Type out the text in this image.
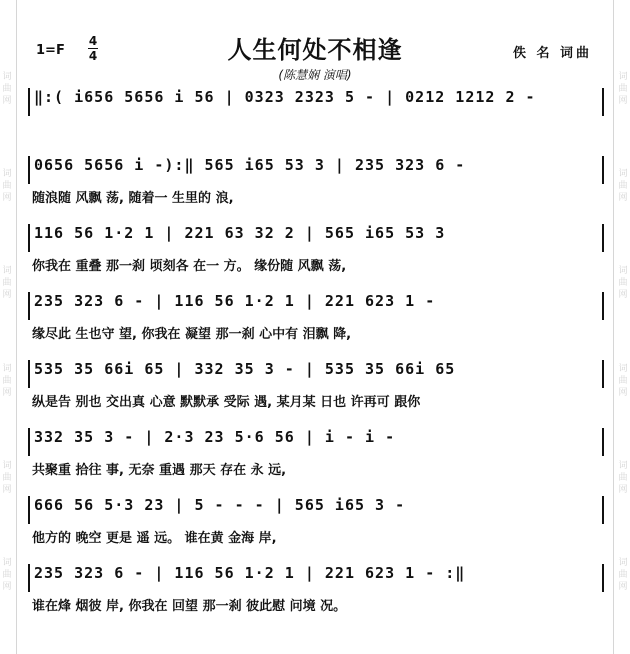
词曲网
词曲网
词曲网
词曲网
词曲网
词曲网
词曲网
词曲网
词曲网
词曲网
词曲网
词曲网
1=F
4
4	人生何处不相逢
(陈慧娴 演唱)
佚 名 词曲
‖:( i656 5656 i 56 | 0323 2323 5 - | 0212 1212 2 -
0656 5656 i -):‖ 565 i65 53 3 | 235 323 6 -
随浪随 风飘 荡, 随着一 生里的 浪,
116 56 1·2 1 | 221 63 32 2 | 565 i65 53 3
你我在 重叠 那一刹 顷刻各 在一 方。 缘份随 风飘 荡,
235 323 6 - | 116 56 1·2 1 | 221 623 1 -
缘尽此 生也守 望, 你我在 凝望 那一刹 心中有 泪飘 降,
535 35 66i 65 | 332 35 3 - | 535 35 66i 65
纵是告 别也 交出真 心意 默默承 受际 遇, 某月某 日也 许再可 跟你
332 35 3 - | 2·3 23 5·6 56 | i - i -
共聚重 拾往 事, 无奈 重遇 那天 存在 永 远,
666 56 5·3 23 | 5 - - - | 565 i65 3 -
他方的 晚空 更是 遥 远。 谁在黄 金海 岸,
235 323 6 - | 116 56 1·2 1 | 221 623 1 - :‖
谁在烽 烟彼 岸, 你我在 回望 那一刹 彼此慰 问境 况。
